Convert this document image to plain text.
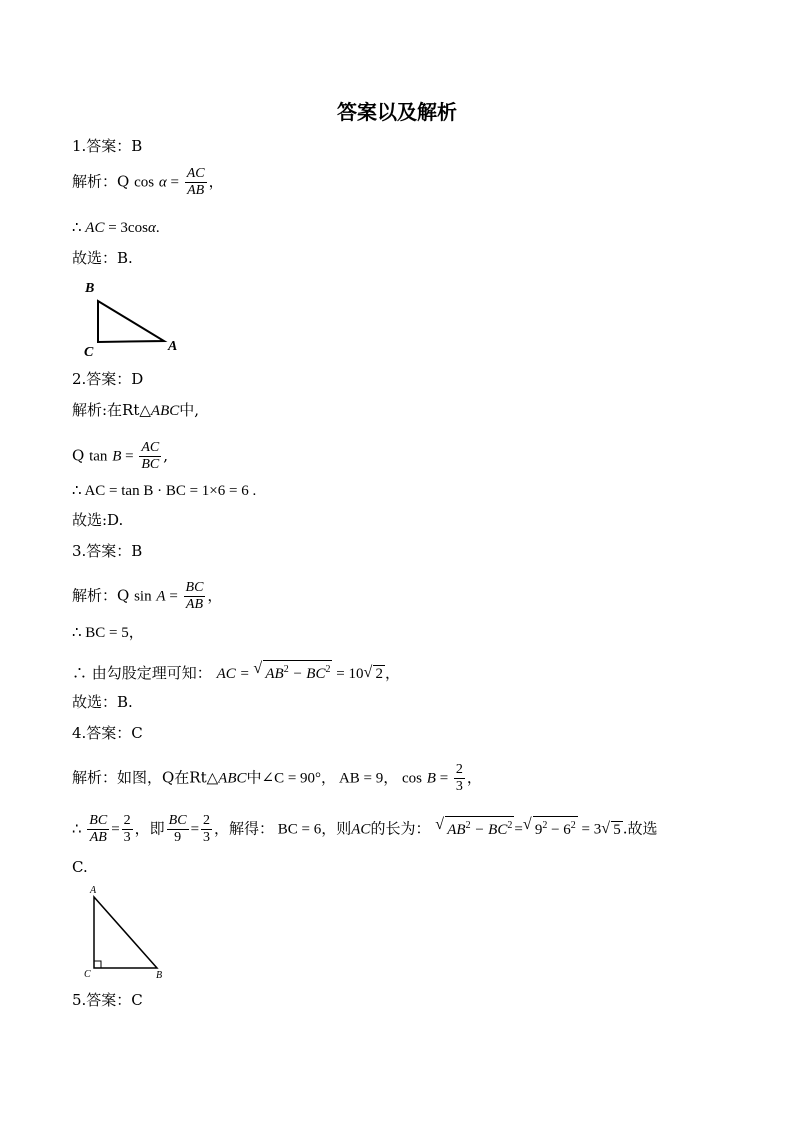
答案以及解析
1.答案：B
解析：Q $\cos \alpha = \frac{AC}{AB}$ ，
∴ AC = 3cosα.
故选：B.
B
C	A
2.答案：D
解析:在Rt△ABC中,
Q $\tan B = \frac{AC}{BC}$ ,
∴ AC = tan B · BC = 1×6 = 6 .
故选:D.
3.答案：B
解析：Q $\sin A = \frac{BC}{AB}$ ，
∴ BC = 5，
∴ 由勾股定理可知： AC = √ $AB^2 - BC^2 = 10$ √ 2 ，
故选：B.
4.答案：C
解析：如图，Q在Rt△ABC中∠C = 90°， AB = 9， $\cos B = \frac{2}{3}$ ，
∴ $\frac{BC}{AB} = \frac{2}{3}$ ，即 $\frac{BC}{9} = \frac{2}{3}$ ，解得： BC = 6，则AC的长为： √ $AB^2 - BC^2$ = √ $9^2 - 6^2 = 3$ √ 5 .故选
C.
A
C	B
5.答案：C
